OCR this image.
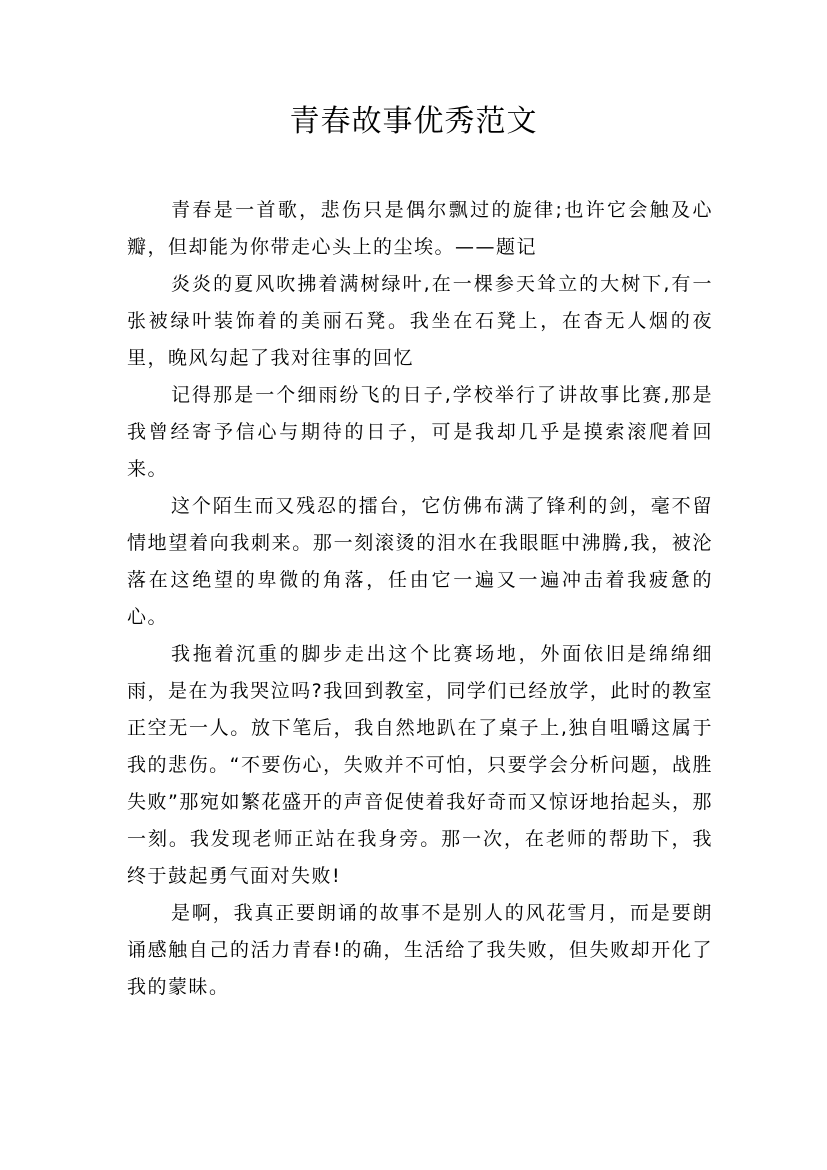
青春故事优秀范文

青春是一首歌，悲伤只是偶尔飘过的旋律;也许它会触及心瓣，但却能为你带走心头上的尘埃。——题记

炎炎的夏风吹拂着满树绿叶,在一棵参天耸立的大树下,有一张被绿叶装饰着的美丽石凳。我坐在石凳上，在杳无人烟的夜里，晚风勾起了我对往事的回忆

记得那是一个细雨纷飞的日子,学校举行了讲故事比赛,那是我曾经寄予信心与期待的日子，可是我却几乎是摸索滚爬着回来。

这个陌生而又残忍的擂台，它仿佛布满了锋利的剑，毫不留情地望着向我刺来。那一刻滚烫的泪水在我眼眶中沸腾,我，被沦落在这绝望的卑微的角落，任由它一遍又一遍冲击着我疲惫的心。

我拖着沉重的脚步走出这个比赛场地，外面依旧是绵绵细雨，是在为我哭泣吗?我回到教室，同学们已经放学，此时的教室正空无一人。放下笔后，我自然地趴在了桌子上,独自咀嚼这属于我的悲伤。“不要伤心，失败并不可怕，只要学会分析问题，战胜失败”那宛如繁花盛开的声音促使着我好奇而又惊讶地抬起头，那一刻。我发现老师正站在我身旁。那一次，在老师的帮助下，我终于鼓起勇气面对失败!

是啊，我真正要朗诵的故事不是别人的风花雪月，而是要朗诵感触自己的活力青春!的确，生活给了我失败，但失败却开化了我的蒙昧。
